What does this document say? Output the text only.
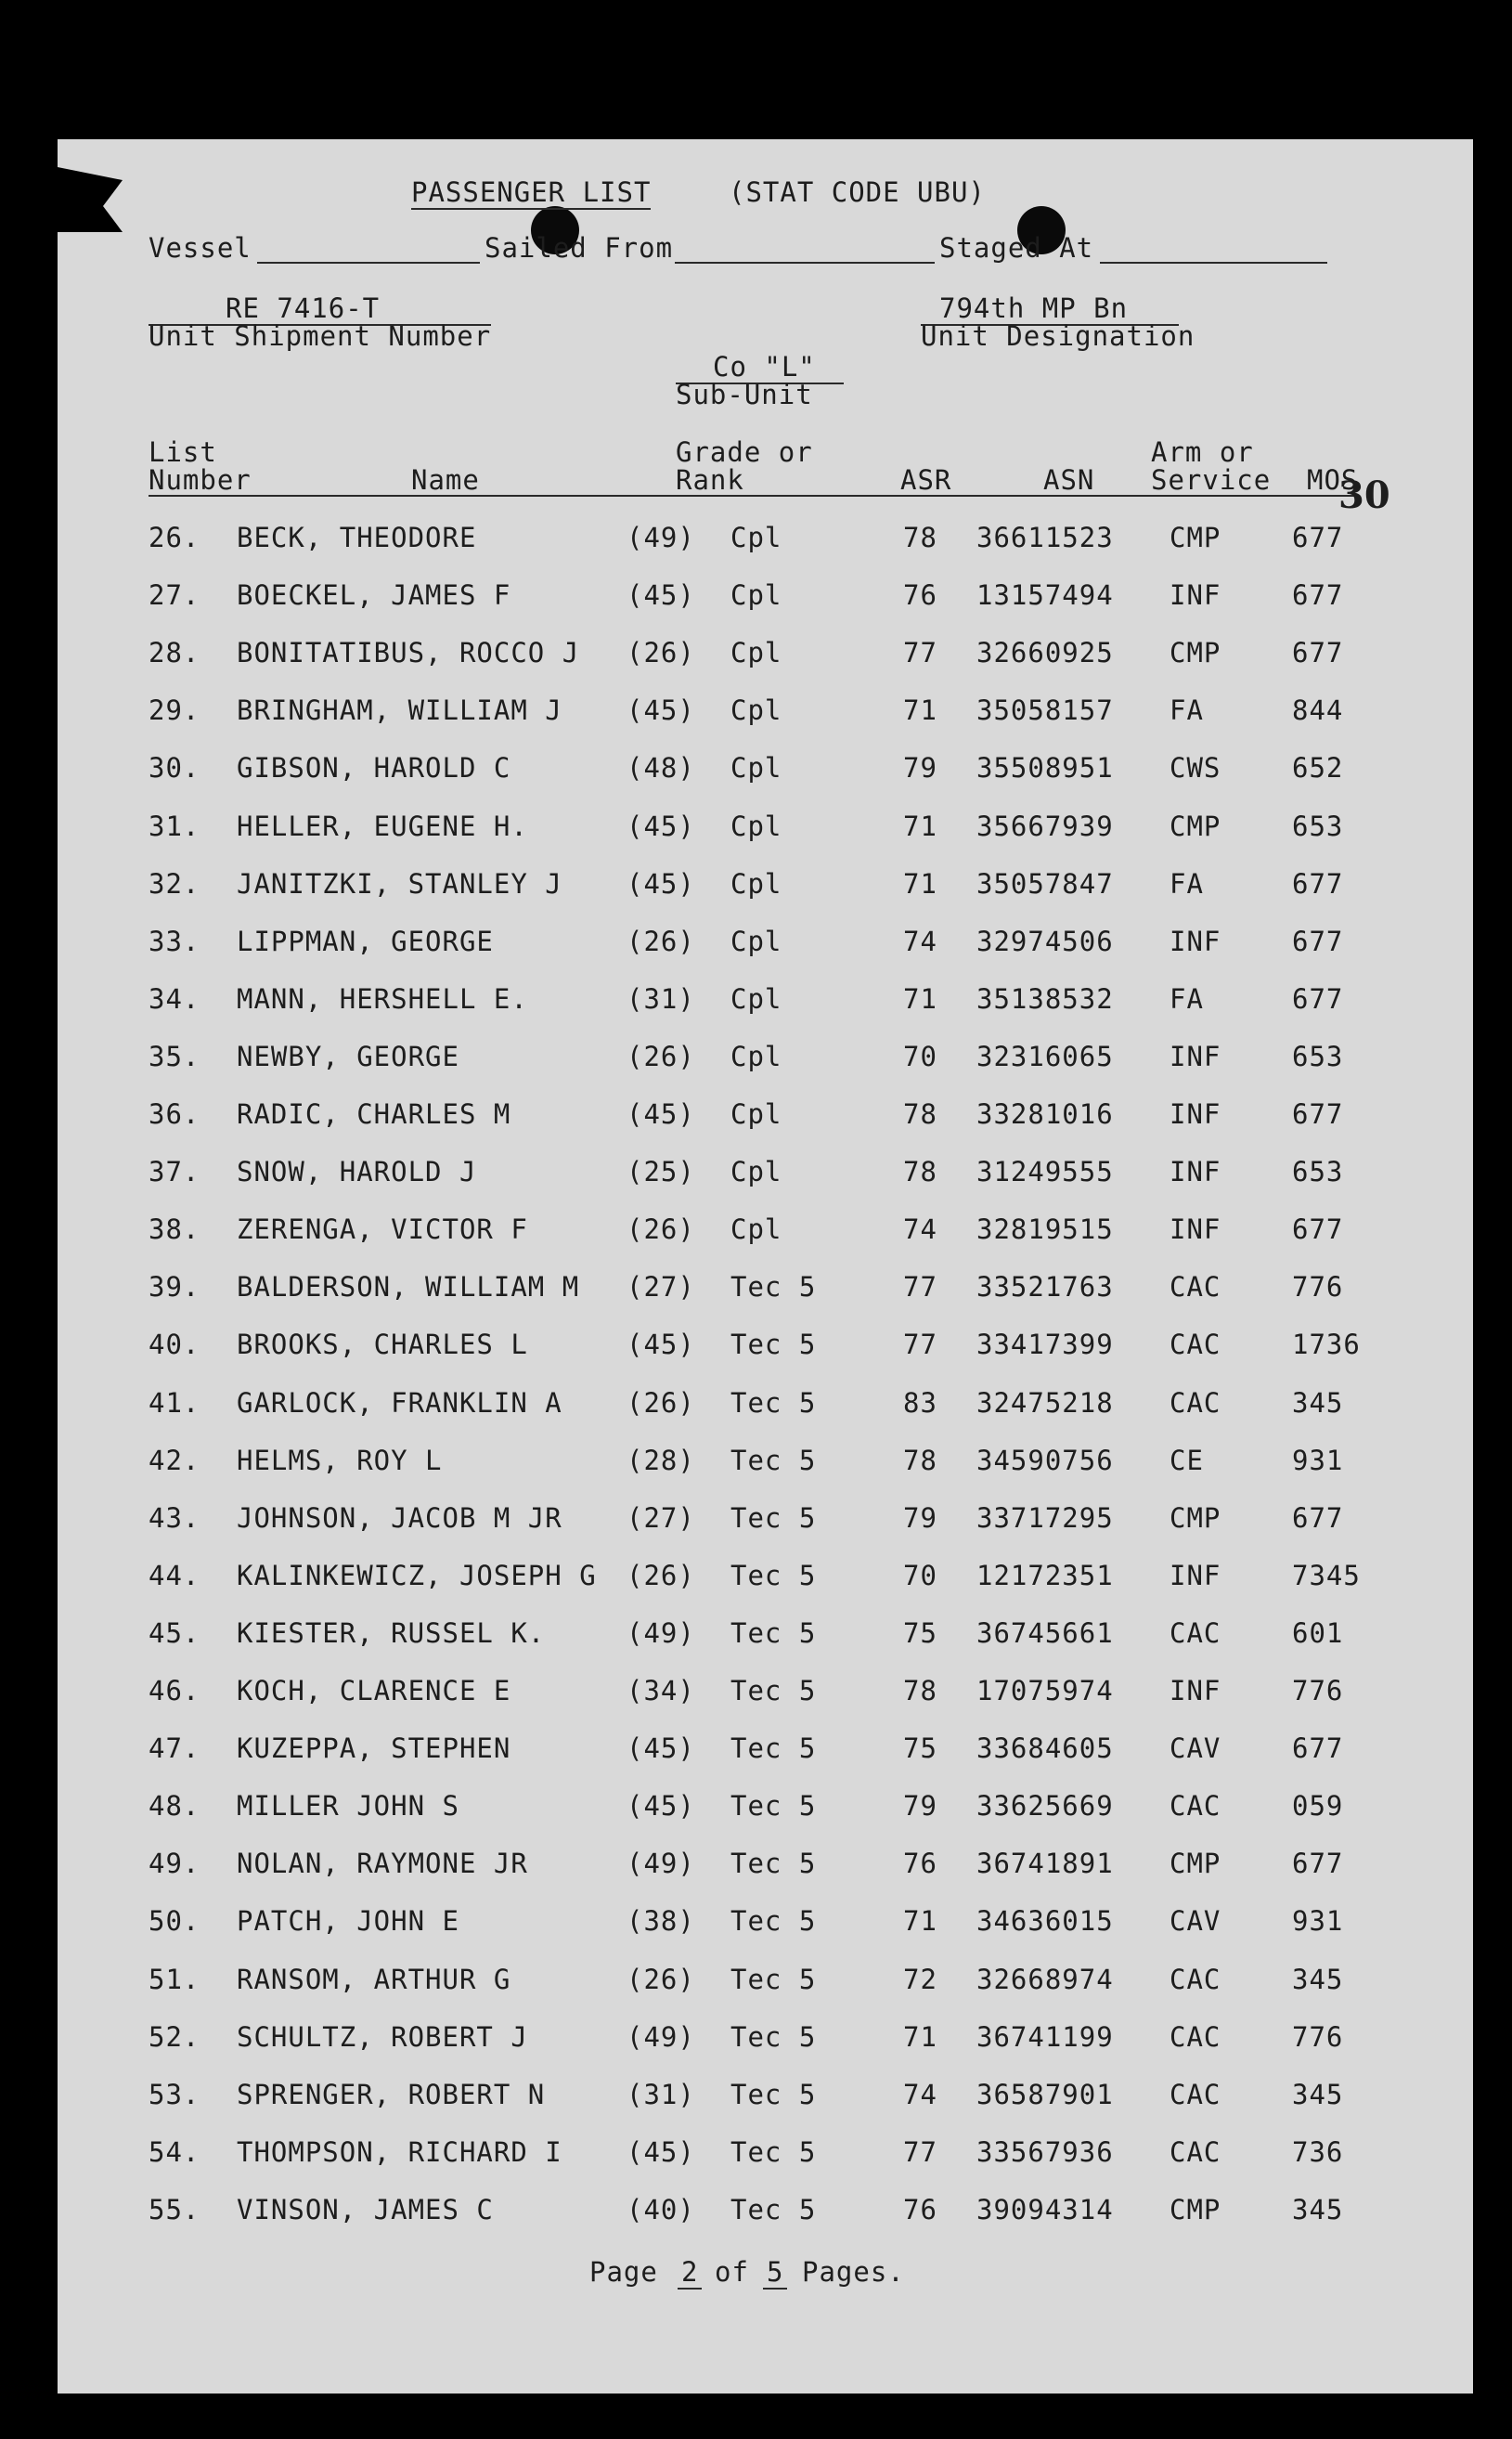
PASSENGER LIST	(STAT CODE UBU)
Vessel	Sailed From	Staged At
RE 7416-T
Unit Shipment Number
794th MP Bn
Unit Designation
Co "L"
Sub-Unit
List
Number	Name
Grade or
Rank	ASR	ASN
Arm or
Service MOS
30
26. BECK, THEODORE	(49) Cpl	78 36611523 CMP	677
27. BOECKEL, JAMES F	(45) Cpl	76 13157494 INF	677
28. BONITATIBUS, ROCCO J (26) Cpl	77 32660925 CMP	677
29. BRINGHAM, WILLIAM J (45) Cpl	71 35058157 FA	844
30. GIBSON, HAROLD C	(48) Cpl	79 35508951 CWS	652
31. HELLER, EUGENE H.	(45) Cpl	71 35667939 CMP	653
32. JANITZKI, STANLEY J (45) Cpl	71 35057847 FA	677
33. LIPPMAN, GEORGE	(26) Cpl	74 32974506 INF	677
34. MANN, HERSHELL E.	(31) Cpl	71 35138532 FA	677
35. NEWBY, GEORGE	(26) Cpl	70 32316065 INF	653
36. RADIC, CHARLES M	(45) Cpl	78 33281016 INF	677
37. SNOW, HAROLD J	(25) Cpl	78 31249555 INF	653
38. ZERENGA, VICTOR F	(26) Cpl	74 32819515 INF	677
39. BALDERSON, WILLIAM M (27) Tec 5	77 33521763 CAC	776
40. BROOKS, CHARLES L	(45) Tec 5	77 33417399 CAC	1736
41. GARLOCK, FRANKLIN A (26) Tec 5	83 32475218 CAC	345
42. HELMS, ROY L	(28) Tec 5	78 34590756 CE	931
43. JOHNSON, JACOB M JR (27) Tec 5	79 33717295 CMP	677
44. KALINKEWICZ, JOSEPH G (26) Tec 5	70 12172351 INF	7345
45. KIESTER, RUSSEL K.	(49) Tec 5	75 36745661 CAC	601
46. KOCH, CLARENCE E	(34) Tec 5	78 17075974 INF	776
47. KUZEPPA, STEPHEN	(45) Tec 5	75 33684605 CAV	677
48. MILLER JOHN S	(45) Tec 5	79 33625669 CAC	059
49. NOLAN, RAYMONE JR	(49) Tec 5	76 36741891 CMP	677
50. PATCH, JOHN E	(38) Tec 5	71 34636015 CAV	931
51. RANSOM, ARTHUR G	(26) Tec 5	72 32668974 CAC	345
52. SCHULTZ, ROBERT J	(49) Tec 5	71 36741199 CAC	776
53. SPRENGER, ROBERT N	(31) Tec 5	74 36587901 CAC	345
54. THOMPSON, RICHARD I (45) Tec 5	77 33567936 CAC	736
55. VINSON, JAMES C	(40) Tec 5	76 39094314 CMP	345
Page 2 of 5 Pages.
